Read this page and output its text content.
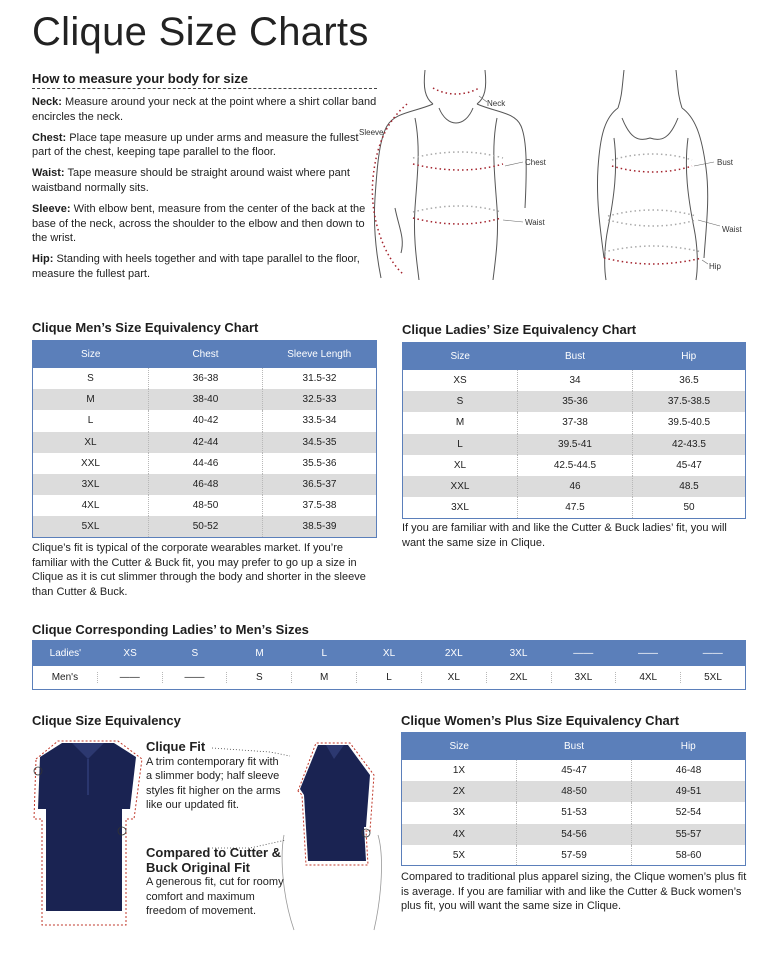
Clique Size Charts
How to measure your body for size

Neck: Measure around your neck at the point where a shirt collar band encircles the neck.

Chest: Place tape measure up under arms and measure the fullest part of the chest, keeping tape parallel to the floor.

Waist: Tape measure should be straight around waist where pant waistband normally sits.

Sleeve: With elbow bent, measure from the center of the back at the base of the neck, across the shoulder to the elbow and then down to the wrist.

Hip: Standing with heels together and with tape parallel to the floor, measure the fullest part.

Neck
Sleeve
Chest
Waist
Bust
Waist
Hip
Clique Men’s Size Equivalency Chart
Size	Chest	Sleeve Length
S	36-38	31.5-32
M	38-40	32.5-33
L	40-42	33.5-34
XL	42-44	34.5-35
XXL	44-46	35.5-36
3XL	46-48	36.5-37
4XL	48-50	37.5-38
5XL	50-52	38.5-39
Clique’s fit is typical of the corporate wearables market. If you’re familiar with the Cutter & Buck fit, you may prefer to go up a size in Clique as it is cut slimmer through the body and shorter in the sleeve than Cutter & Buck.
Clique Ladies’ Size Equivalency Chart
Size	Bust	Hip
XS	34	36.5
S	35-36	37.5-38.5
M	37-38	39.5-40.5
L	39.5-41	42-43.5
XL	42.5-44.5	45-47
XXL	46	48.5
3XL	47.5	50
If you are familiar with and like the Cutter & Buck ladies’ fit, you will want the same size in Clique.
Clique Corresponding Ladies’ to Men’s Sizes
Ladies'	XS	S	M	L	XL	2XL	3XL	——	——	——
Men's	——	——	S	M	L	XL	2XL	3XL	4XL	5XL
Clique Size Equivalency
Clique Fit
A trim contemporary fit with a slimmer body; half sleeve styles fit higher on the arms like our updated fit.
Compared to Cutter & Buck Original Fit
A generous fit, cut for roomy comfort and maximum freedom of movement.
Clique Women’s Plus Size Equivalency Chart
Size	Bust	Hip
1X	45-47	46-48
2X	48-50	49-51
3X	51-53	52-54
4X	54-56	55-57
5X	57-59	58-60
Compared to traditional plus apparel sizing, the Clique women’s plus fit is average. If you are familiar with and like the Cutter & Buck women’s plus fit, you will want the same size in Clique.
